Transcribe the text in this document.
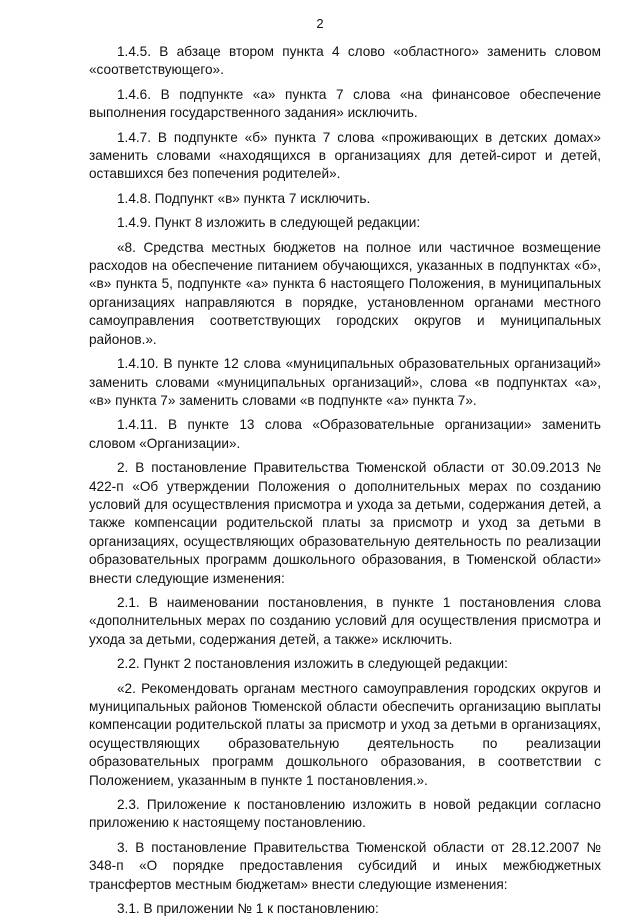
2

1.4.5. В абзаце втором пункта 4 слово «областного» заменить словом «соответствующего».

1.4.6. В подпункте «а» пункта 7 слова «на финансовое обеспечение выполнения государственного задания» исключить.

1.4.7. В подпункте «б» пункта 7 слова «проживающих в детских домах» заменить словами «находящихся в организациях для детей-сирот и детей, оставшихся без попечения родителей».

1.4.8. Подпункт «в» пункта 7 исключить.

1.4.9. Пункт 8 изложить в следующей редакции:

«8. Средства местных бюджетов на полное или частичное возмещение расходов на обеспечение питанием обучающихся, указанных в подпунктах «б», «в» пункта 5, подпункте «а» пункта 6 настоящего Положения, в муниципальных организациях направляются в порядке, установленном органами местного самоуправления соответствующих городских округов и муниципальных районов.».

1.4.10. В пункте 12 слова «муниципальных образовательных организаций» заменить словами «муниципальных организаций», слова «в подпунктах «а», «в» пункта 7» заменить словами «в подпункте «а» пункта 7».

1.4.11. В пункте 13 слова «Образовательные организации» заменить словом «Организации».

2. В постановление Правительства Тюменской области от 30.09.2013 № 422-п «Об утверждении Положения о дополнительных мерах по созданию условий для осуществления присмотра и ухода за детьми, содержания детей, а также компенсации родительской платы за присмотр и уход за детьми в организациях, осуществляющих образовательную деятельность по реализации образовательных программ дошкольного образования, в Тюменской области» внести следующие изменения:

2.1. В наименовании постановления, в пункте 1 постановления слова «дополнительных мерах по созданию условий для осуществления присмотра и ухода за детьми, содержания детей, а также» исключить.

2.2. Пункт 2 постановления изложить в следующей редакции:

«2. Рекомендовать органам местного самоуправления городских округов и муниципальных районов Тюменской области обеспечить организацию выплаты компенсации родительской платы за присмотр и уход за детьми в организациях, осуществляющих образовательную деятельность по реализации образовательных программ дошкольного образования, в соответствии с Положением, указанным в пункте 1 постановления.».

2.3. Приложение к постановлению изложить в новой редакции согласно приложению к настоящему постановлению.

3. В постановление Правительства Тюменской области от 28.12.2007 № 348-п «О порядке предоставления субсидий и иных межбюджетных трансфертов местным бюджетам» внести следующие изменения:

3.1. В приложении № 1 к постановлению:
